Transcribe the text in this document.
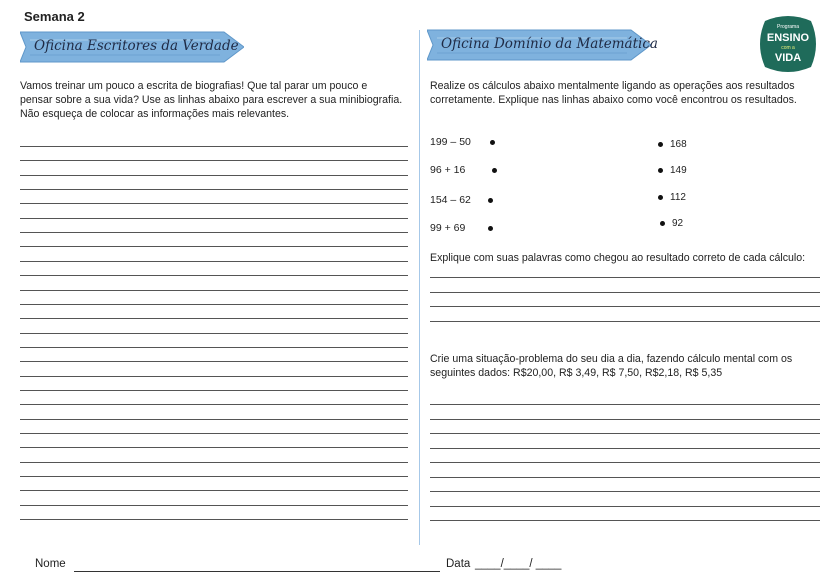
Semana 2
Oficina Escritores da Verdade	Oficina Domínio da Matemática
Programa
ENSINO
com a
VIDA
Vamos treinar um pouco a escrita de biografias! Que tal parar um pouco e
pensar sobre a sua vida? Use as linhas abaixo para escrever a sua minibiografia.
Não esqueça de colocar as informações mais relevantes.
Realize os cálculos abaixo mentalmente ligando as operações aos resultados
corretamente. Explique nas linhas abaixo como você encontrou os resultados.
199 – 50
96 + 16
154 – 62
99 + 69
168
149
112
92
Explique com suas palavras como chegou ao resultado correto de cada cálculo:
Crie uma situação-problema do seu dia a dia, fazendo cálculo mental com os
seguintes dados: R$20,00, R$ 3,49, R$ 7,50, R$2,18, R$ 5,35
Nome	Data ____/____/ ____
